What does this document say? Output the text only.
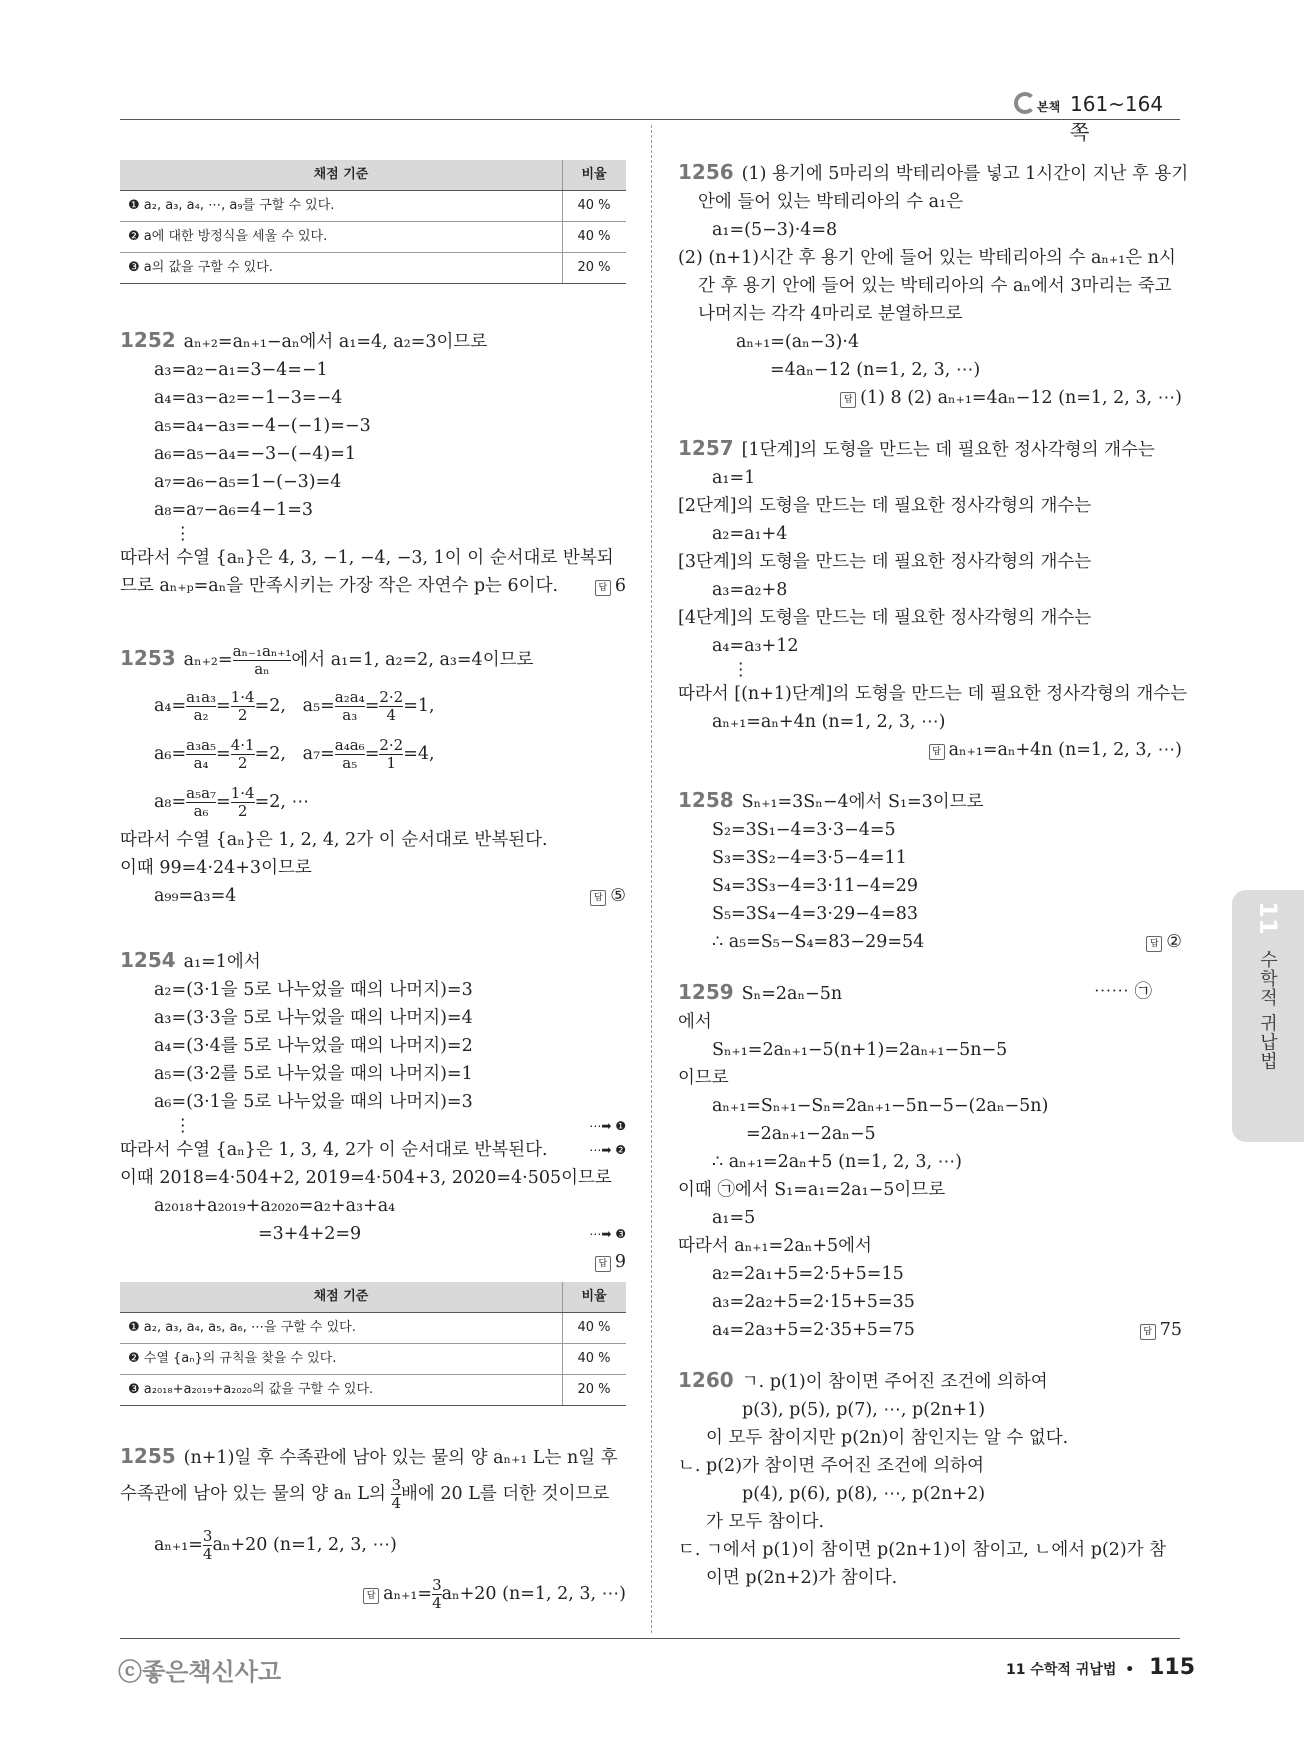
본책 161~164쪽
채점 기준	비율
❶ a₂, a₃, a₄, ⋯, a₉를 구할 수 있다.	40 %
❷ a에 대한 방정식을 세울 수 있다.	40 %
❸ a의 값을 구할 수 있다.	20 %

1252 aₙ₊₂=aₙ₊₁−aₙ에서 a₁=4, a₂=3이므로

a₃=a₂−a₁=3−4=−1

a₄=a₃−a₂=−1−3=−4

a₅=a₄−a₃=−4−(−1)=−3

a₆=a₅−a₄=−3−(−4)=1

a₇=a₆−a₅=1−(−3)=4

a₈=a₇−a₆=4−1=3

⋮

따라서 수열 {aₙ}은 4, 3, −1, −4, −3, 1이 이 순서대로 반복되

므로 aₙ₊ₚ=aₙ을 만족시키는 가장 작은 자연수 p는 6이다.	답 6

1253 $a_{n+2}= \frac{\text{aₙ₋₁aₙ₊₁}}{\text{aₙ}}$ 에서 a₁=1, a₂=2, a₃=4이므로

$a_4= \frac{\text{a₁a₃}}{\text{a₂}} = \frac{1\cdot 4}{2} =2$, $a_5= \frac{\text{a₂a₄}}{\text{a₃}} = \frac{2\cdot 2}{4} =1$,

$a_6= \frac{\text{a₃a₅}}{\text{a₄}} = \frac{4\cdot 1}{2} =2$, $a_7= \frac{\text{a₄a₆}}{\text{a₅}} = \frac{2\cdot 2}{1} =4$,

$a_8= \frac{\text{a₅a₇}}{\text{a₆}} = \frac{1\cdot 4}{2} =2$, ⋯

따라서 수열 {aₙ}은 1, 2, 4, 2가 이 순서대로 반복된다.

이때 99=4·24+3이므로

a₉₉=a₃=4	답 ⑤

1254 a₁=1에서

a₂=(3·1을 5로 나누었을 때의 나머지)=3

a₃=(3·3을 5로 나누었을 때의 나머지)=4

a₄=(3·4를 5로 나누었을 때의 나머지)=2

a₅=(3·2를 5로 나누었을 때의 나머지)=1

a₆=(3·1을 5로 나누었을 때의 나머지)=3

⋮	⋯➡ ❶

따라서 수열 {aₙ}은 1, 3, 4, 2가 이 순서대로 반복된다.	⋯➡ ❷

이때 2018=4·504+2, 2019=4·504+3, 2020=4·505이므로

a₂₀₁₈+a₂₀₁₉+a₂₀₂₀=a₂+a₃+a₄

=3+4+2=9	⋯➡ ❸

답 9

채점 기준	비율
❶ a₂, a₃, a₄, a₅, a₆, ⋯을 구할 수 있다.	40 %
❷ 수열 {aₙ}의 규칙을 찾을 수 있다.	40 %
❸ a₂₀₁₈+a₂₀₁₉+a₂₀₂₀의 값을 구할 수 있다.	20 %

1255 (n+1)일 후 수족관에 남아 있는 물의 양 aₙ₊₁ L는 n일 후

수족관에 남아 있는 물의 양 aₙ L의 $\frac{3}{4}$ 배에 20 L를 더한 것이므로

$a_{n+1}= \frac{3}{4} a_n+20$ (n=1, 2, 3, ⋯)

답 $a_{n+1}= \frac{3}{4} a_n+20$ (n=1, 2, 3, ⋯)

1256 (1) 용기에 5마리의 박테리아를 넣고 1시간이 지난 후 용기

안에 들어 있는 박테리아의 수 a₁은

a₁=(5−3)·4=8

(2) (n+1)시간 후 용기 안에 들어 있는 박테리아의 수 aₙ₊₁은 n시

간 후 용기 안에 들어 있는 박테리아의 수 aₙ에서 3마리는 죽고

나머지는 각각 4마리로 분열하므로

aₙ₊₁=(aₙ−3)·4

=4aₙ−12 (n=1, 2, 3, ⋯)

답 (1) 8 (2) aₙ₊₁=4aₙ−12 (n=1, 2, 3, ⋯)

1257 [1단계]의 도형을 만드는 데 필요한 정사각형의 개수는

a₁=1

[2단계]의 도형을 만드는 데 필요한 정사각형의 개수는

a₂=a₁+4

[3단계]의 도형을 만드는 데 필요한 정사각형의 개수는

a₃=a₂+8

[4단계]의 도형을 만드는 데 필요한 정사각형의 개수는

a₄=a₃+12

⋮

따라서 [(n+1)단계]의 도형을 만드는 데 필요한 정사각형의 개수는

aₙ₊₁=aₙ+4n (n=1, 2, 3, ⋯)

답 aₙ₊₁=aₙ+4n (n=1, 2, 3, ⋯)

1258 Sₙ₊₁=3Sₙ−4에서 S₁=3이므로

S₂=3S₁−4=3·3−4=5

S₃=3S₂−4=3·5−4=11

S₄=3S₃−4=3·11−4=29

S₅=3S₄−4=3·29−4=83

∴ a₅=S₅−S₄=83−29=54	답 ②

1259 Sₙ=2aₙ−5n	⋯⋯ ㉠

에서

Sₙ₊₁=2aₙ₊₁−5(n+1)=2aₙ₊₁−5n−5

이므로

aₙ₊₁=Sₙ₊₁−Sₙ=2aₙ₊₁−5n−5−(2aₙ−5n)

=2aₙ₊₁−2aₙ−5

∴ aₙ₊₁=2aₙ+5 (n=1, 2, 3, ⋯)

이때 ㉠에서 S₁=a₁=2a₁−5이므로

a₁=5

따라서 aₙ₊₁=2aₙ+5에서

a₂=2a₁+5=2·5+5=15

a₃=2a₂+5=2·15+5=35

a₄=2a₃+5=2·35+5=75	답 75

1260 ㄱ. p(1)이 참이면 주어진 조건에 의하여

p(3), p(5), p(7), ⋯, p(2n+1)

이 모두 참이지만 p(2n)이 참인지는 알 수 없다.

ㄴ. p(2)가 참이면 주어진 조건에 의하여

p(4), p(6), p(8), ⋯, p(2n+2)

가 모두 참이다.

ㄷ. ㄱ에서 p(1)이 참이면 p(2n+1)이 참이고, ㄴ에서 p(2)가 참

이면 p(2n+2)가 참이다.

11
수학적 귀납법
ⓒ좋은책신사고	11 수학적 귀납법 • 115
